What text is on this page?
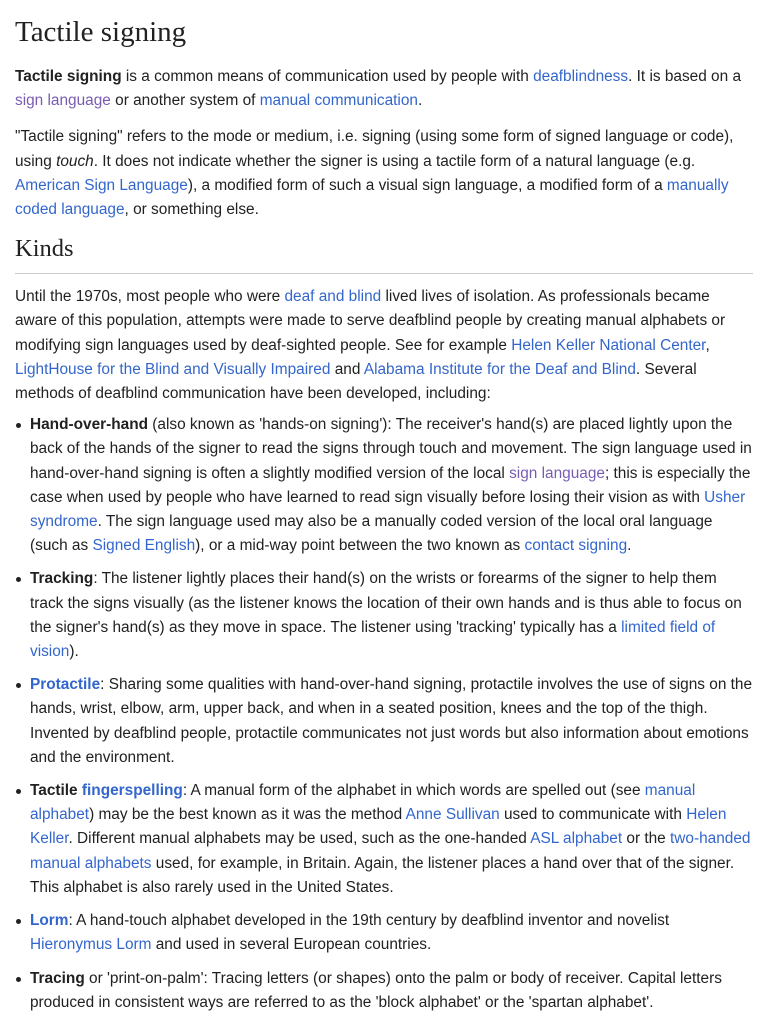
Tactile signing

Tactile signing is a common means of communication used by people with deafblindness. It is based on a sign language or another system of manual communication.

"Tactile signing" refers to the mode or medium, i.e. signing (using some form of signed language or code), using touch. It does not indicate whether the signer is using a tactile form of a natural language (e.g. American Sign Language), a modified form of such a visual sign language, a modified form of a manually coded language, or something else.

Kinds

Until the 1970s, most people who were deaf and blind lived lives of isolation. As professionals became aware of this population, attempts were made to serve deafblind people by creating manual alphabets or modifying sign languages used by deaf-sighted people. See for example Helen Keller National Center, LightHouse for the Blind and Visually Impaired and Alabama Institute for the Deaf and Blind. Several methods of deafblind communication have been developed, including:

Hand-over-hand (also known as 'hands-on signing'): The receiver's hand(s) are placed lightly upon the back of the hands of the signer to read the signs through touch and movement. The sign language used in hand-over-hand signing is often a slightly modified version of the local sign language; this is especially the case when used by people who have learned to read sign visually before losing their vision as with Usher syndrome. The sign language used may also be a manually coded version of the local oral language (such as Signed English), or a mid-way point between the two known as contact signing.
Tracking: The listener lightly places their hand(s) on the wrists or forearms of the signer to help them track the signs visually (as the listener knows the location of their own hands and is thus able to focus on the signer's hand(s) as they move in space. The listener using 'tracking' typically has a limited field of vision).
Protactile: Sharing some qualities with hand-over-hand signing, protactile involves the use of signs on the hands, wrist, elbow, arm, upper back, and when in a seated position, knees and the top of the thigh. Invented by deafblind people, protactile communicates not just words but also information about emotions and the environment.
Tactile fingerspelling: A manual form of the alphabet in which words are spelled out (see manual alphabet) may be the best known as it was the method Anne Sullivan used to communicate with Helen Keller. Different manual alphabets may be used, such as the one-handed ASL alphabet or the two-handed manual alphabets used, for example, in Britain. Again, the listener places a hand over that of the signer. This alphabet is also rarely used in the United States.
Lorm: A hand-touch alphabet developed in the 19th century by deafblind inventor and novelist Hieronymus Lorm and used in several European countries.
Tracing or 'print-on-palm': Tracing letters (or shapes) onto the palm or body of receiver. Capital letters produced in consistent ways are referred to as the 'block alphabet' or the 'spartan alphabet'.
